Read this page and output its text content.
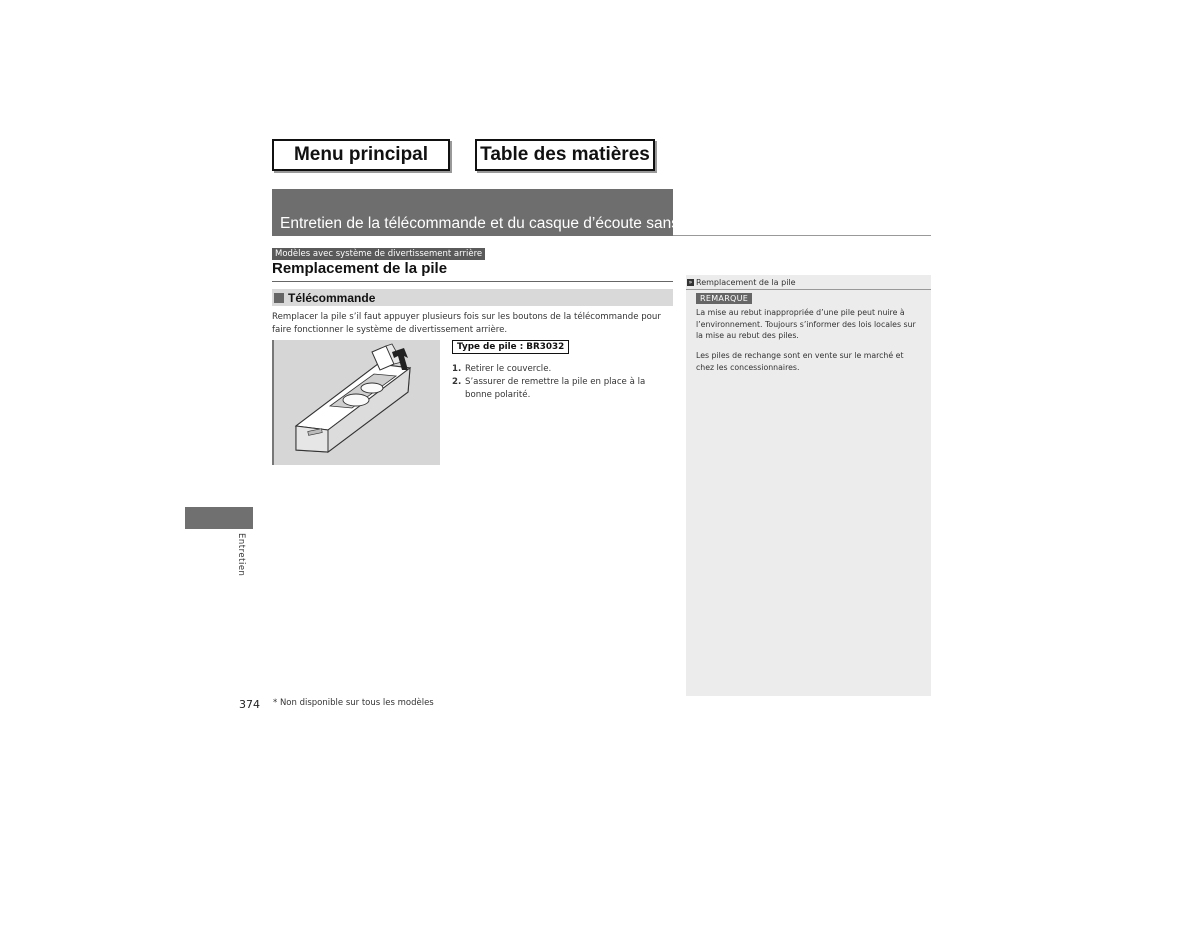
Menu principal	Table des matières
Entretien de la télécommande et du casque d’écoute sans fil*
Modèles avec système de divertissement arrière
Remplacement de la pile
Télécommande
Remplacer la pile s’il faut appuyer plusieurs fois sur les boutons de la télécommande pour faire fonctionner le système de divertissement arrière.
Type de pile : BR3032
1. Retirer le couvercle.
2. S’assurer de remettre la pile en place à la bonne polarité.
» Remplacement de la pile
REMARQUE
La mise au rebut inappropriée d’une pile peut nuire à l’environnement. Toujours s’informer des lois locales sur la mise au rebut des piles.
Les piles de rechange sont en vente sur le marché et chez les concessionnaires.
Entretien
374 * Non disponible sur tous les modèles
